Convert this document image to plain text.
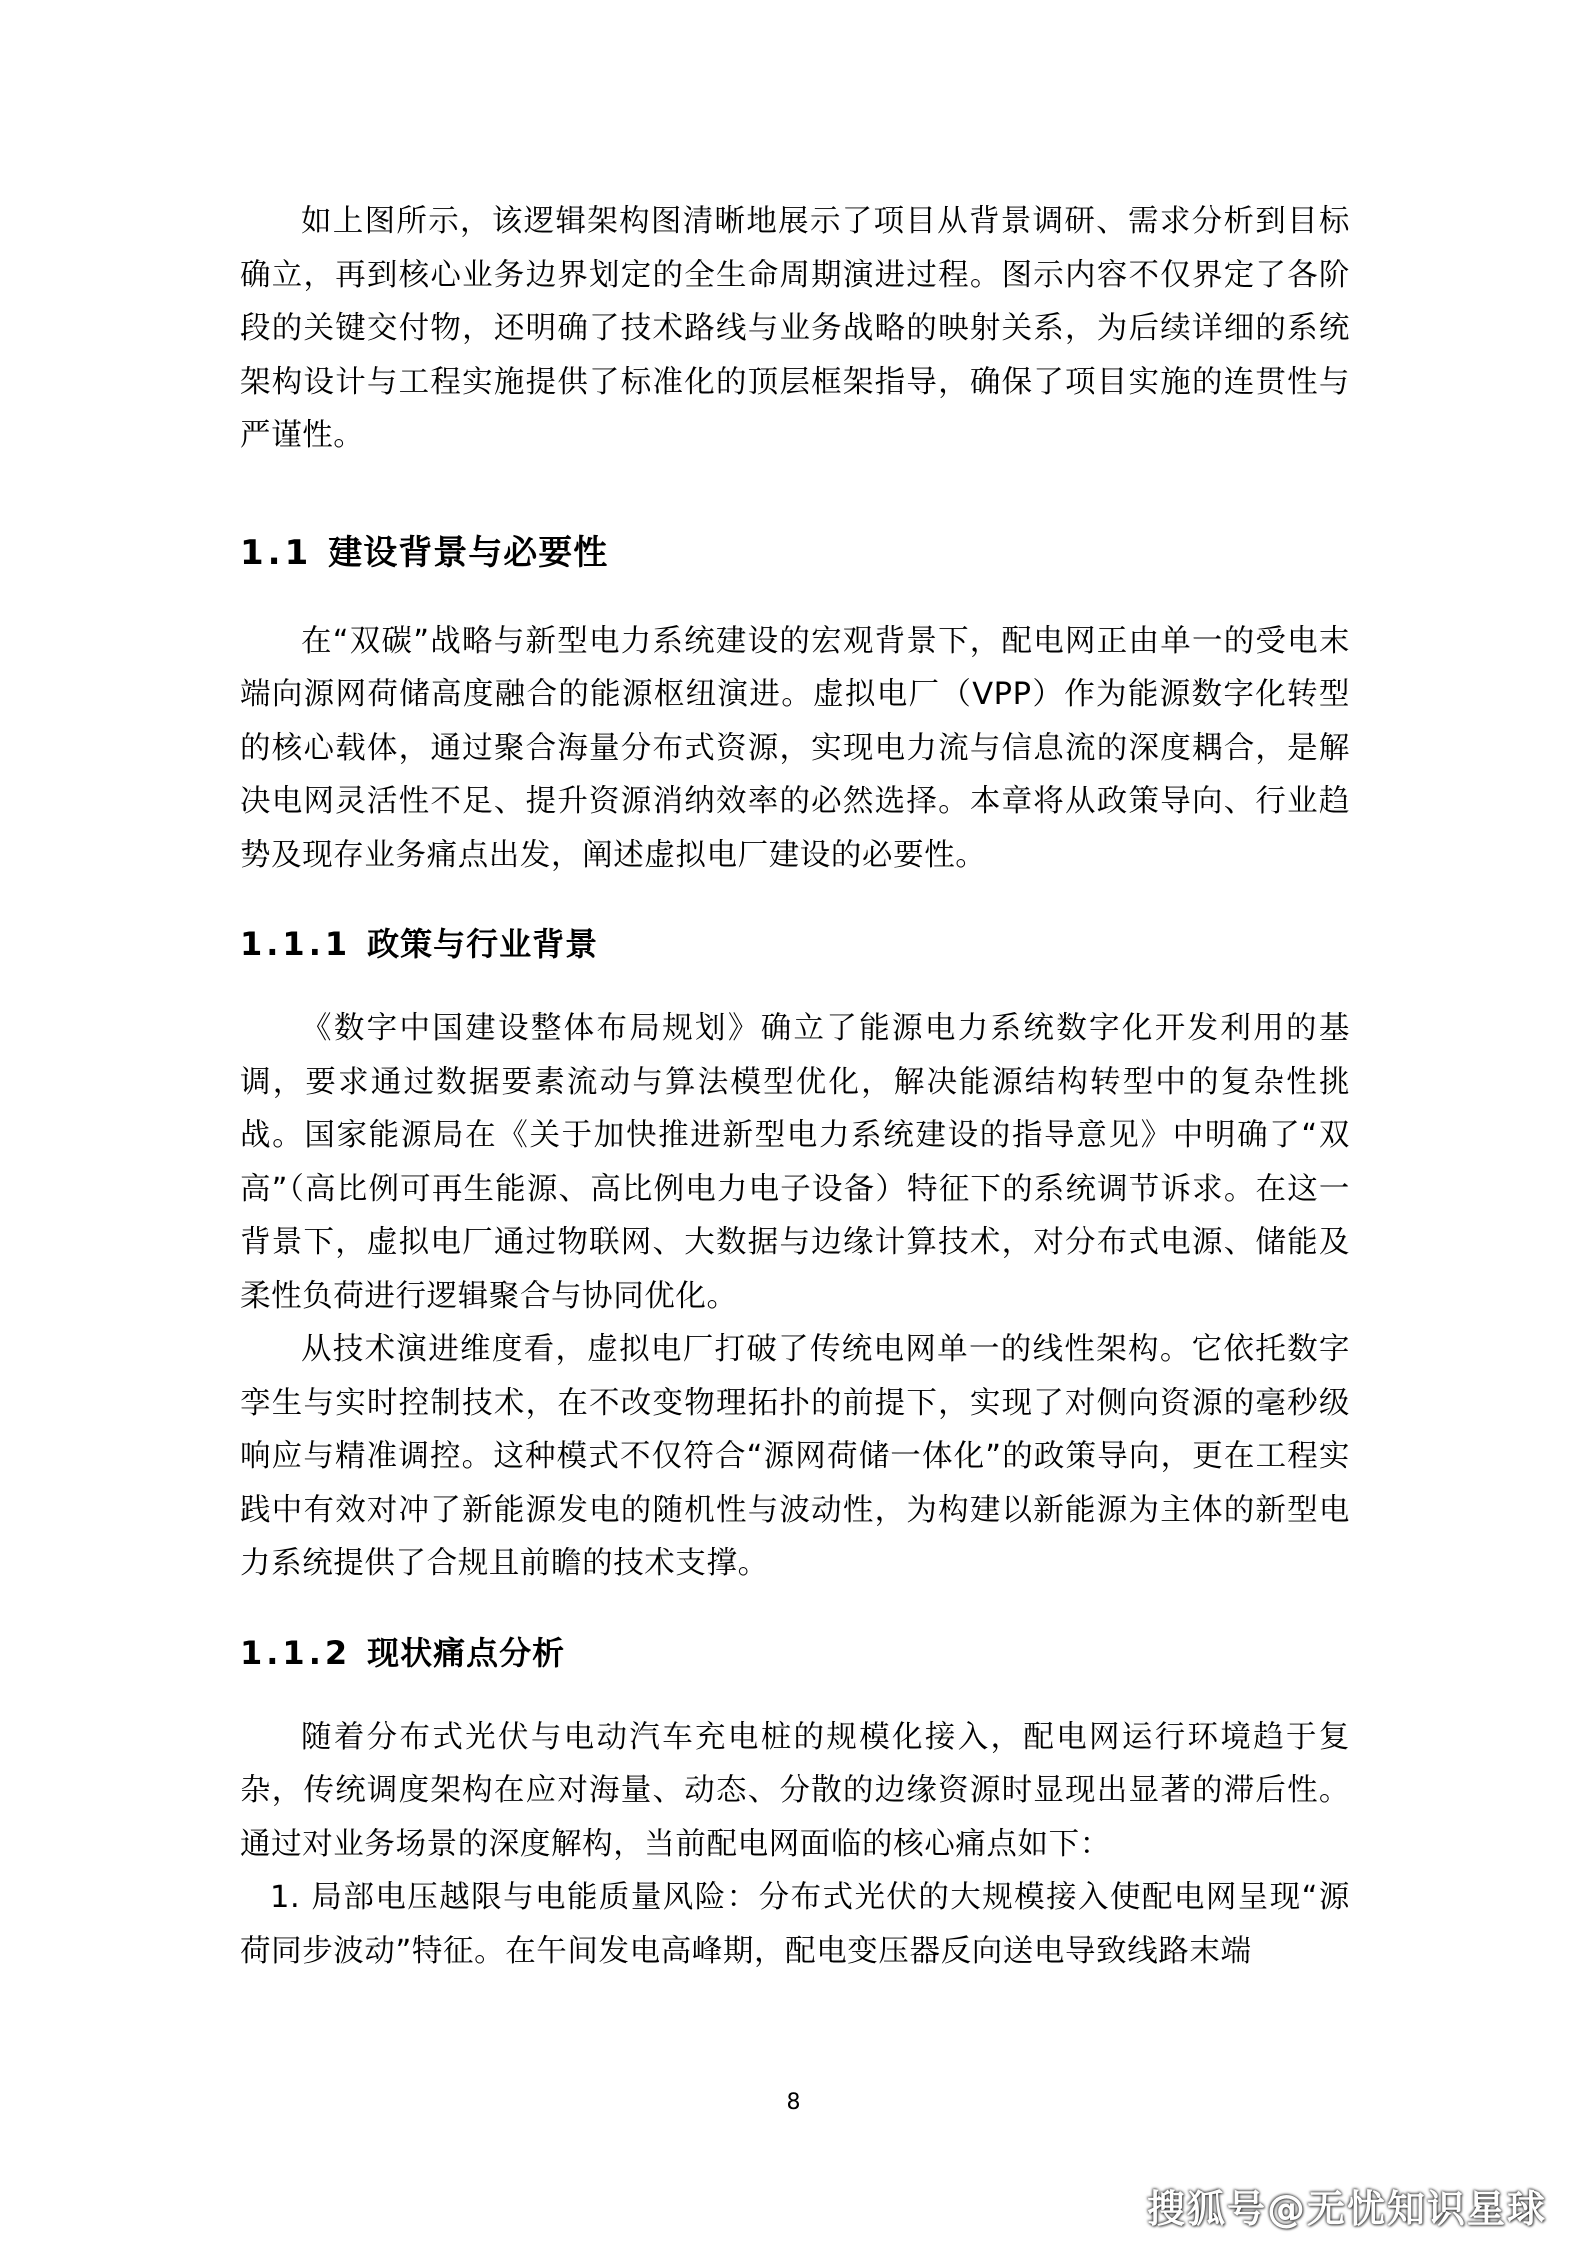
如上图所示，该逻辑架构图清晰地展示了项目从背景调研、需求分析到目标确立，再到核心业务边界划定的全生命周期演进过程。图示内容不仅界定了各阶段的关键交付物，还明确了技术路线与业务战略的映射关系，为后续详细的系统架构设计与工程实施提供了标准化的顶层框架指导，确保了项目实施的连贯性与严谨性。

1.1 建设背景与必要性

在“双碳”战略与新型电力系统建设的宏观背景下，配电网正由单一的受电末端向源网荷储高度融合的能源枢纽演进。虚拟电厂（VPP）作为能源数字化转型的核心载体，通过聚合海量分布式资源，实现电力流与信息流的深度耦合，是解决电网灵活性不足、提升资源消纳效率的必然选择。本章将从政策导向、行业趋势及现存业务痛点出发，阐述虚拟电厂建设的必要性。

1.1.1 政策与行业背景

《数字中国建设整体布局规划》确立了能源电力系统数字化开发利用的基调，要求通过数据要素流动与算法模型优化，解决能源结构转型中的复杂性挑战。国家能源局在《关于加快推进新型电力系统建设的指导意见》中明确了“双高”（高比例可再生能源、高比例电力电子设备）特征下的系统调节诉求。在这一背景下，虚拟电厂通过物联网、大数据与边缘计算技术，对分布式电源、储能及柔性负荷进行逻辑聚合与协同优化。

从技术演进维度看，虚拟电厂打破了传统电网单一的线性架构。它依托数字孪生与实时控制技术，在不改变物理拓扑的前提下，实现了对侧向资源的毫秒级响应与精准调控。这种模式不仅符合“源网荷储一体化”的政策导向，更在工程实践中有效对冲了新能源发电的随机性与波动性，为构建以新能源为主体的新型电力系统提供了合规且前瞻的技术支撑。

1.1.2 现状痛点分析

随着分布式光伏与电动汽车充电桩的规模化接入，配电网运行环境趋于复杂，传统调度架构在应对海量、动态、分散的边缘资源时显现出显著的滞后性。通过对业务场景的深度解构，当前配电网面临的核心痛点如下：

1. 局部电压越限与电能质量风险：分布式光伏的大规模接入使配电网呈现“源荷同步波动”特征。在午间发电高峰期，配电变压器反向送电导致线路末端

8
搜狐号@无忧知识星球
